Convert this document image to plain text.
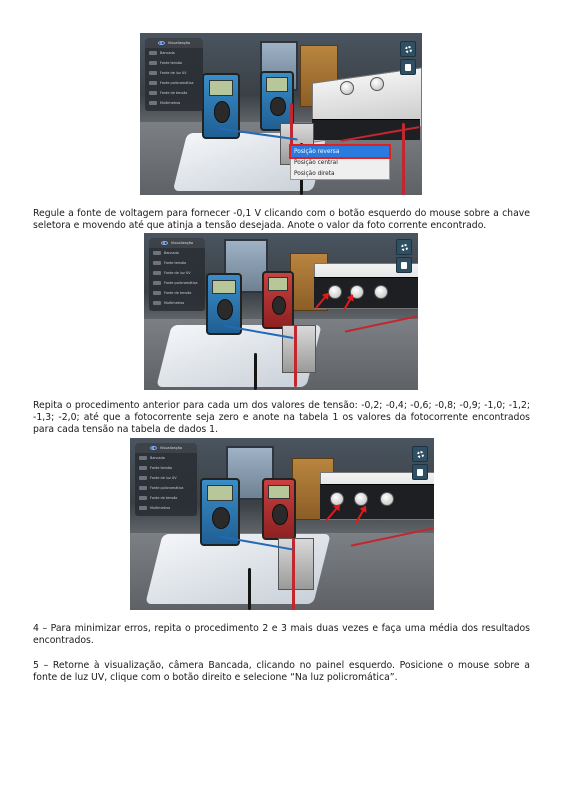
Visualização
Bancada
Fonte tensão
Fonte de luz UV
Fonte policromática
Fonte de tensão
Multímetros
Posição reversa
Posição central
Posição direta

Regule a fonte de voltagem para fornecer -0,1 V clicando com o botão esquerdo do mouse sobre a chave seletora e movendo até que atinja a tensão desejada. Anote o valor da foto corrente encontrado.

Visualização
Bancada
Fonte tensão
Fonte de luz UV
Fonte policromática
Fonte de tensão
Multímetros

Repita o procedimento anterior para cada um dos valores de tensão: -0,2; -0,4; -0,6; -0,8; -0,9; -1,0; -1,2; -1,3; -2,0; até que a fotocorrente seja zero e anote na tabela 1 os valores da fotocorrente encontrados para cada tensão na tabela de dados 1.

Visualização
Bancada
Fonte tensão
Fonte de luz UV
Fonte policromática
Fonte de tensão
Multímetros

4 – Para minimizar erros, repita o procedimento 2 e 3 mais duas vezes e faça uma média dos resultados encontrados.

5 – Retorne à visualização, câmera Bancada, clicando no painel esquerdo. Posicione o mouse sobre a fonte de luz UV, clique com o botão direito e selecione “Na luz policromática”.
